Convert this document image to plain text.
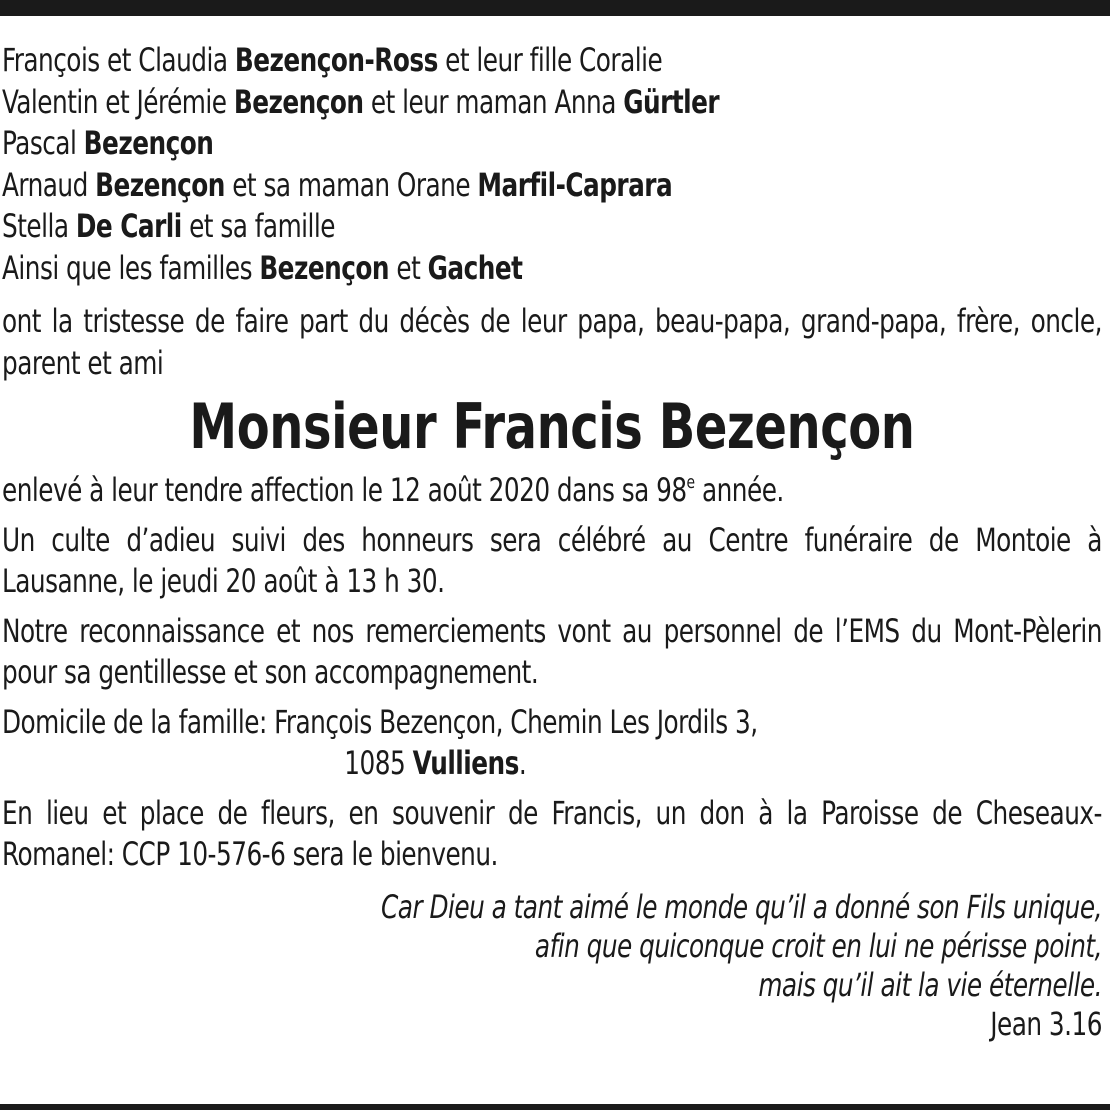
François et Claudia Bezençon-Ross et leur fille Coralie
Valentin et Jérémie Bezençon et leur maman Anna Gürtler
Pascal Bezençon
Arnaud Bezençon et sa maman Orane Marfil-Caprara
Stella De Carli et sa famille
Ainsi que les familles Bezençon et Gachet
ont la tristesse de faire part du décès de leur papa, beau-papa, grand-papa, frère, oncle, parent et ami
Monsieur Francis Bezençon
enlevé à leur tendre affection le 12 août 2020 dans sa 98e année.
Un culte d’adieu suivi des honneurs sera célébré au Centre funéraire de Montoie à Lausanne, le jeudi 20 août à 13 h 30.
Notre reconnaissance et nos remerciements vont au personnel de l’EMS du Mont-Pèlerin pour sa gentillesse et son accompagnement.
Domicile de la famille: François Bezençon, Chemin Les Jordils 3,
1085 Vulliens.
En lieu et place de fleurs, en souvenir de Francis, un don à la Paroisse de Cheseaux-Romanel: CCP 10-576-6 sera le bienvenu.
Car Dieu a tant aimé le monde qu’il a donné son Fils unique,
afin que quiconque croit en lui ne périsse point,
mais qu’il ait la vie éternelle.
Jean 3.16
